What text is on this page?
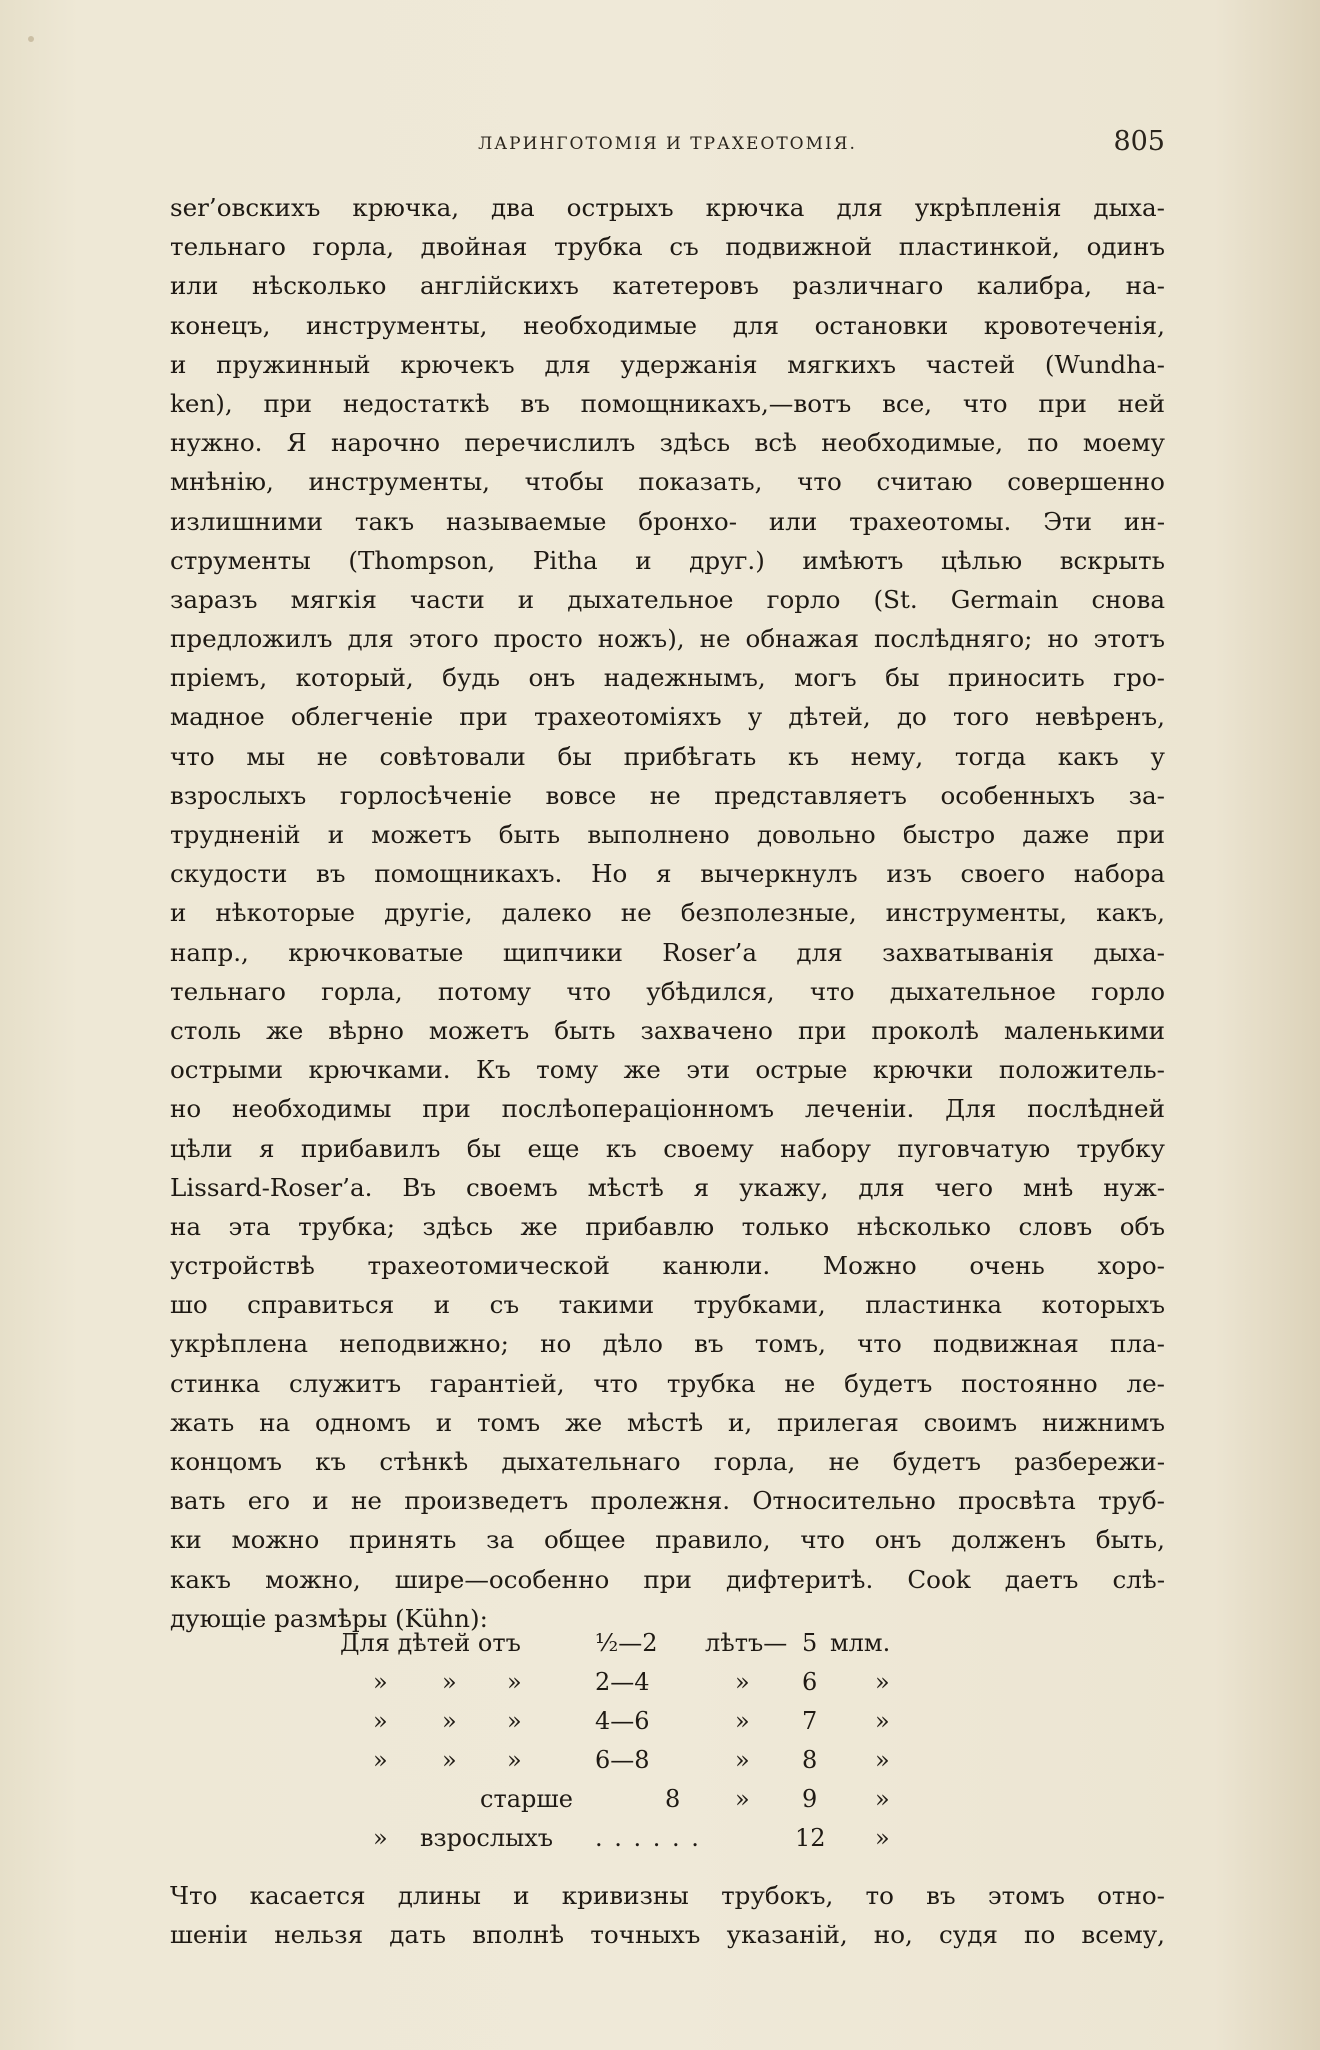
ЛАРИНГОТОМІЯ И ТРАХЕОТОМІЯ.	805
ser’овскихъ крючка, два острыхъ крючка для укрѣпленія дыха-
тельнаго горла, двойная трубка съ подвижной пластинкой, одинъ
или нѣсколько англійскихъ катетеровъ различнаго калибра, на-
конецъ, инструменты, необходимые для остановки кровотеченія,
и пружинный крючекъ для удержанія мягкихъ частей (Wundha-
ken), при недостаткѣ въ помощникахъ,—вотъ все, что при ней
нужно. Я нарочно перечислилъ здѣсь всѣ необходимые, по моему
мнѣнію, инструменты, чтобы показать, что считаю совершенно
излишними такъ называемые бронхо- или трахеотомы. Эти ин-
струменты (Thompson, Pitha и друг.) имѣютъ цѣлью вскрыть
заразъ мягкія части и дыхательное горло (St. Germain снова
предложилъ для этого просто ножъ), не обнажая послѣдняго; но этотъ
пріемъ, который, будь онъ надежнымъ, могъ бы приносить гро-
мадное облегченіе при трахеотоміяхъ у дѣтей, до того невѣренъ,
что мы не совѣтовали бы прибѣгать къ нему, тогда какъ у
взрослыхъ горлосѣченіе вовсе не представляетъ особенныхъ за-
трудненій и можетъ быть выполнено довольно быстро даже при
скудости въ помощникахъ. Но я вычеркнулъ изъ своего набора
и нѣкоторые другіе, далеко не безполезные, инструменты, какъ,
напр., крючковатые щипчики Roser’а для захватыванія дыха-
тельнаго горла, потому что убѣдился, что дыхательное горло
столь же вѣрно можетъ быть захвачено при проколѣ маленькими
острыми крючками. Къ тому же эти острые крючки положитель-
но необходимы при послѣоперaціонномъ леченіи. Для послѣдней
цѣли я прибавилъ бы еще къ своему набору пуговчатую трубку
Lissard-Roser’а. Въ своемъ мѣстѣ я укажу, для чего мнѣ нуж-
на эта трубка; здѣсь же прибавлю только нѣсколько словъ объ
устройствѣ трахеотомической канюли. Можно очень хоро-
шо справиться и съ такими трубками, пластинка которыхъ
укрѣплена неподвижно; но дѣло въ томъ, что подвижная пла-
стинка служитъ гарантіей, что трубка не будетъ постоянно ле-
жать на одномъ и томъ же мѣстѣ и, прилегая своимъ нижнимъ
концомъ къ стѣнкѣ дыхательнаго горла, не будетъ разбережи-
вать его и не произведетъ пролежня. Относительно просвѣта труб-
ки можно принять за общее правило, что онъ долженъ быть,
какъ можно, шире—особенно при дифтеритѣ. Cook даетъ слѣ-
дующіе размѣры (Kühn):
Для дѣтей отъ	½—2 лѣтъ— 5 млм.
» » »	2—4	» 6 »
» » »	4—6	» 7 »
» » »	6—8	» 8 »
старше	8 » 9 »
» взрослыхъ . . . . . .	12 »
Что касается длины и кривизны трубокъ, то въ этомъ отно-
шеніи нельзя дать вполнѣ точныхъ указаній, но, судя по всему,
